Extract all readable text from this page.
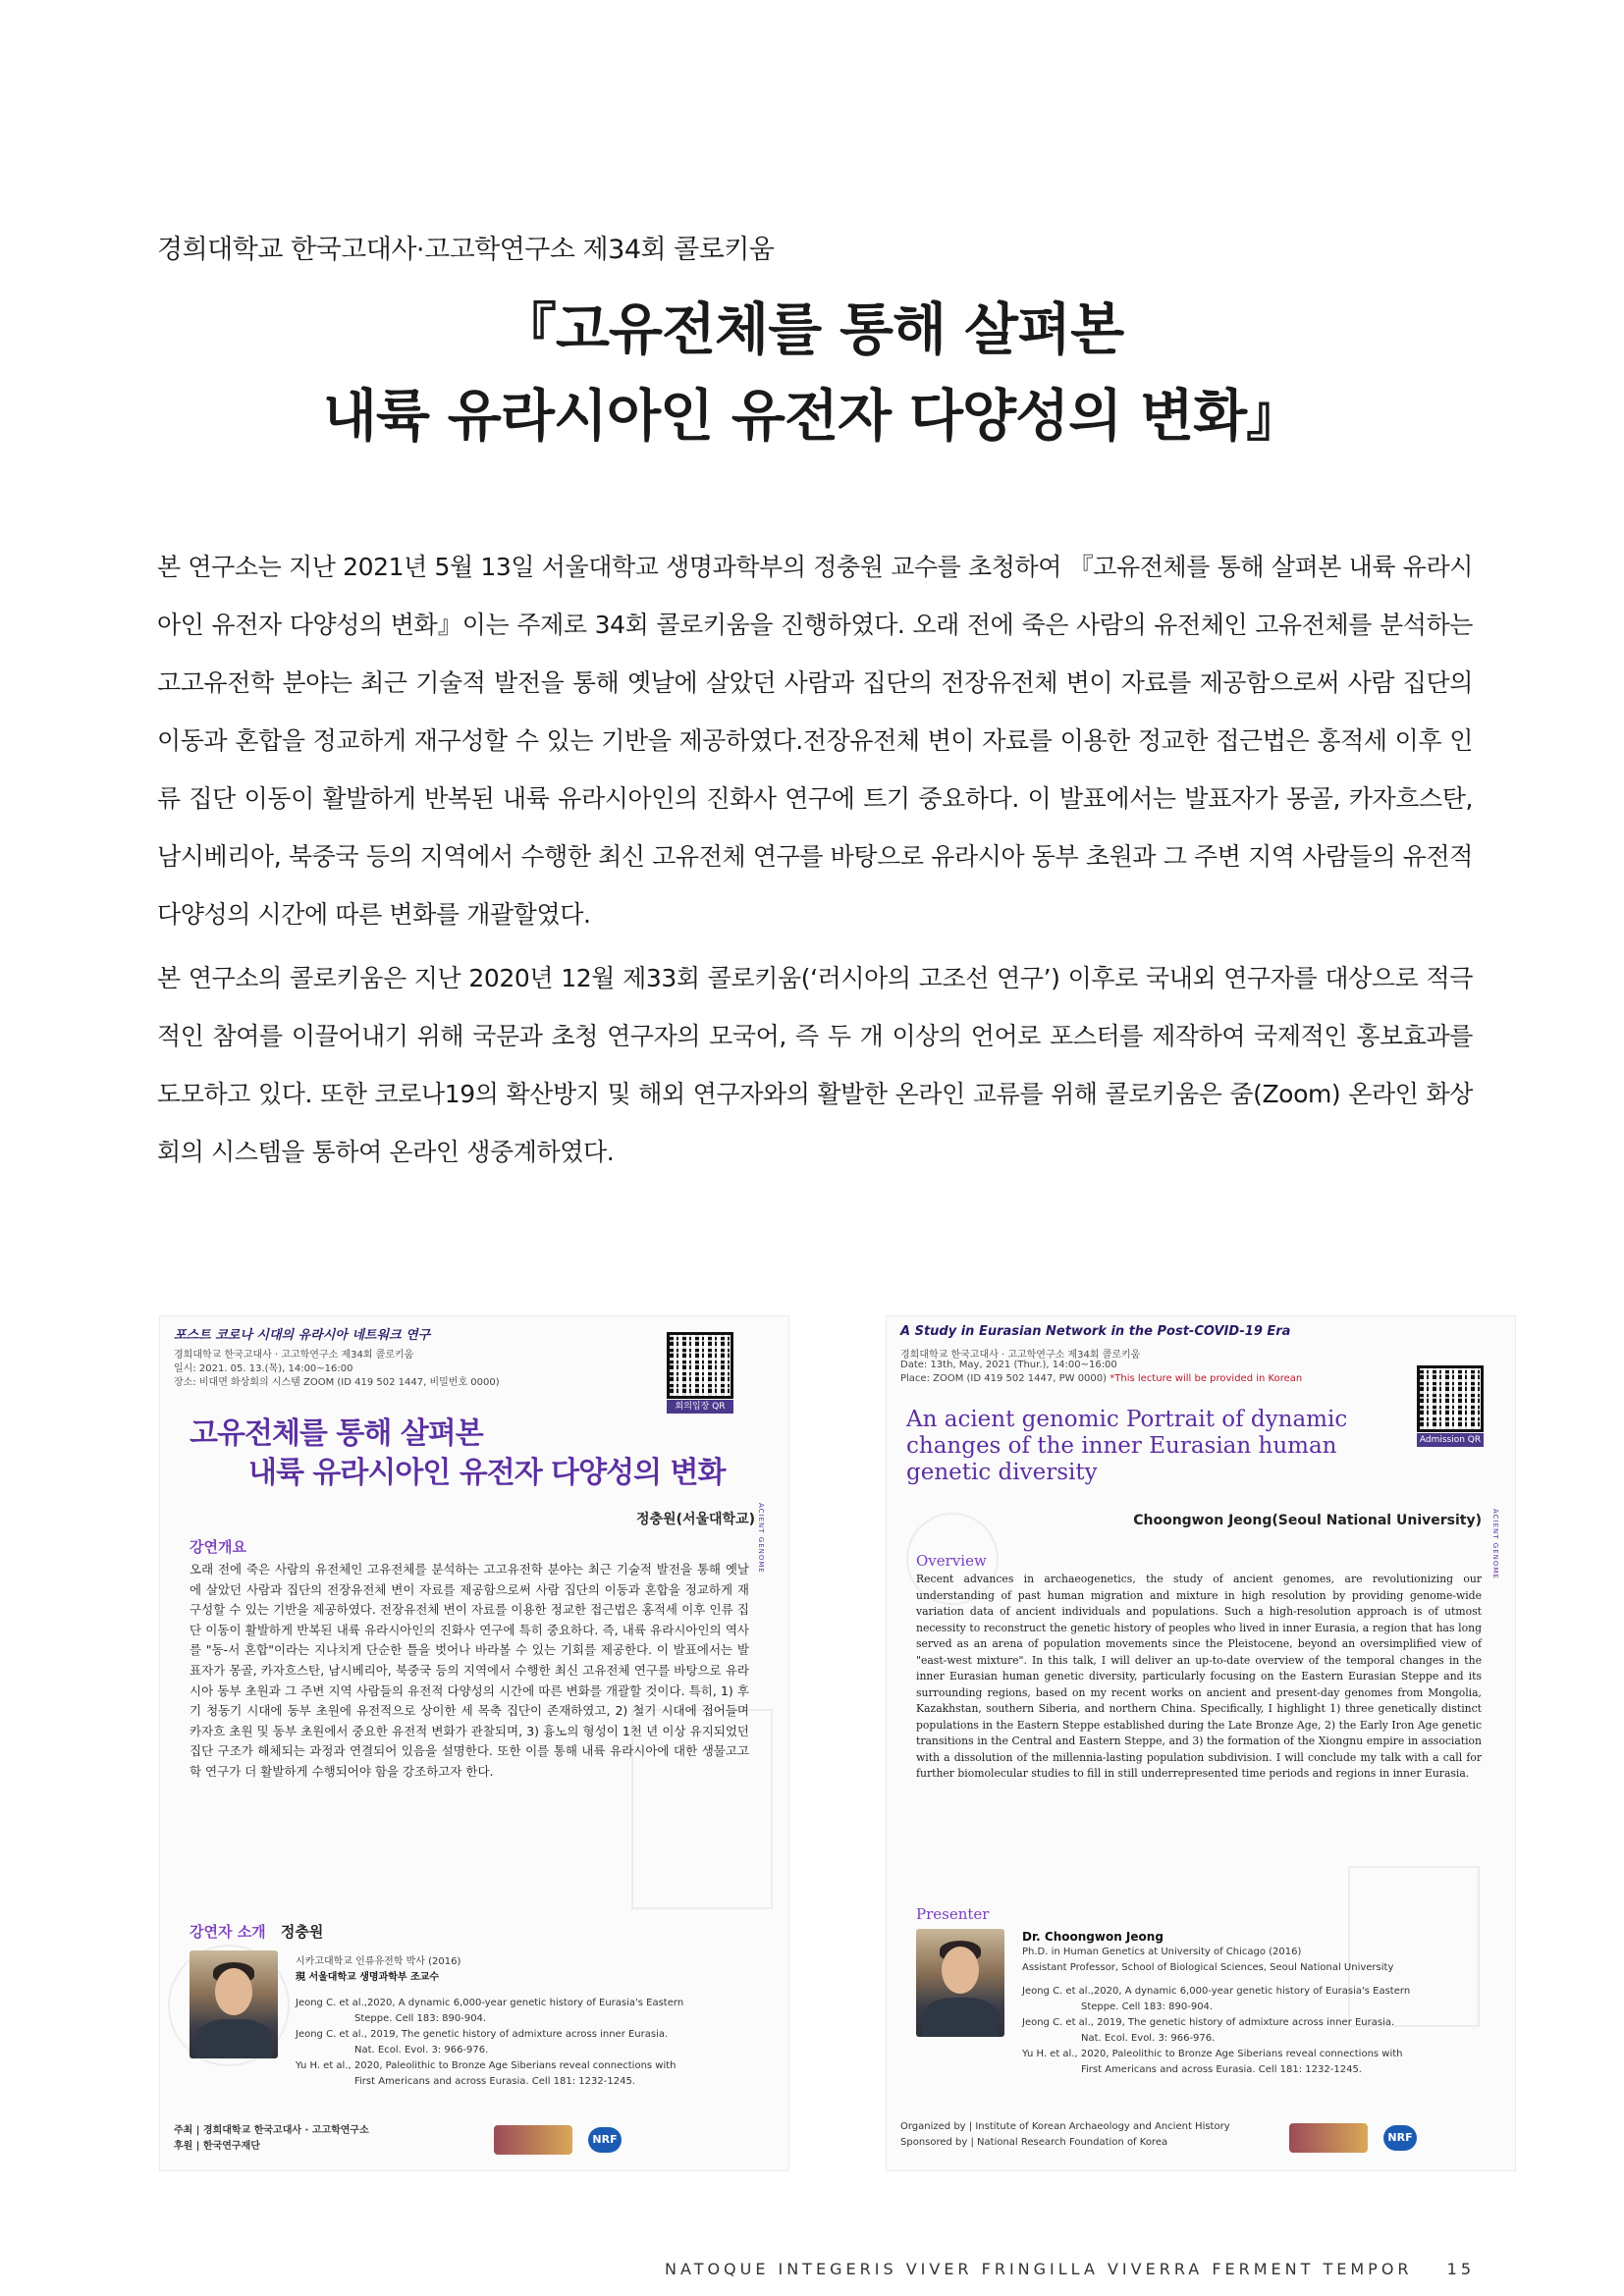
경희대학교 한국고대사·고고학연구소 제34회 콜로키움
『고유전체를 통해 살펴본
내륙 유라시아인 유전자 다양성의 변화』

본 연구소는 지난 2021년 5월 13일 서울대학교 생명과학부의 정충원 교수를 초청하여 『고유전체를 통해 살펴본 내륙 유라시아인 유전자 다양성의 변화』이는 주제로 34회 콜로키움을 진행하였다. 오래 전에 죽은 사람의 유전체인 고유전체를 분석하는 고고유전학 분야는 최근 기술적 발전을 통해 옛날에 살았던 사람과 집단의 전장유전체 변이 자료를 제공함으로써 사람 집단의 이동과 혼합을 정교하게 재구성할 수 있는 기반을 제공하였다.전장유전체 변이 자료를 이용한 정교한 접근법은 홍적세 이후 인류 집단 이동이 활발하게 반복된 내륙 유라시아인의 진화사 연구에 트기 중요하다. 이 발표에서는 발표자가 몽골, 카자흐스탄, 남시베리아, 북중국 등의 지역에서 수행한 최신 고유전체 연구를 바탕으로 유라시아 동부 초원과 그 주변 지역 사람들의 유전적 다양성의 시간에 따른 변화를 개괄할였다.

본 연구소의 콜로키움은 지난 2020년 12월 제33회 콜로키움(‘러시아의 고조선 연구’) 이후로 국내외 연구자를 대상으로 적극적인 참여를 이끌어내기 위해 국문과 초청 연구자의 모국어, 즉 두 개 이상의 언어로 포스터를 제작하여 국제적인 홍보효과를 도모하고 있다. 또한 코로나19의 확산방지 및 해외 연구자와의 활발한 온라인 교류를 위해 콜로키움은 줌(Zoom) 온라인 화상회의 시스템을 통하여 온라인 생중계하였다.

포스트 코로나 시대의 유라시아 네트워크 연구
경희대학교 한국고대사 · 고고학연구소 제34회 콜로키움
일시: 2021. 05. 13.(목), 14:00~16:00
장소: 비대면 화상회의 시스템 ZOOM (ID 419 502 1447, 비밀번호 0000)
회의입장 QR
고유전체를 통해 살펴본
내륙 유라시아인 유전자 다양성의 변화
정충원(서울대학교) ACIENT GENOME
강연개요
오래 전에 죽은 사람의 유전체인 고유전체를 분석하는 고고유전학 분야는 최근 기술적 발전을 통해 옛날에 살았던 사람과 집단의 전장유전체 변이 자료를 제공함으로써 사람 집단의 이동과 혼합을 정교하게 재구성할 수 있는 기반을 제공하였다. 전장유전체 변이 자료를 이용한 정교한 접근법은 홍적세 이후 인류 집단 이동이 활발하게 반복된 내륙 유라시아인의 진화사 연구에 특히 중요하다. 즉, 내륙 유라시아인의 역사를 "동-서 혼합"이라는 지나치게 단순한 틀을 벗어나 바라볼 수 있는 기회를 제공한다. 이 발표에서는 발표자가 몽골, 카자흐스탄, 남시베리아, 북중국 등의 지역에서 수행한 최신 고유전체 연구를 바탕으로 유라시아 동부 초원과 그 주변 지역 사람들의 유전적 다양성의 시간에 따른 변화를 개괄할 것이다. 특히, 1) 후기 청동기 시대에 동부 초원에 유전적으로 상이한 세 목축 집단이 존재하였고, 2) 철기 시대에 접어들며 카자흐 초원 및 동부 초원에서 중요한 유전적 변화가 관찰되며, 3) 흉노의 형성이 1천 년 이상 유지되었던 집단 구조가 해체되는 과정과 연결되어 있음을 설명한다. 또한 이를 통해 내륙 유라시아에 대한 생물고고학 연구가 더 활발하게 수행되어야 함을 강조하고자 한다.
강연자 소개 정충원
시카고대학교 인류유전학 박사 (2016)
現 서울대학교 생명과학부 조교수
Jeong C. et al.,2020, A dynamic 6,000-year genetic history of Eurasia's Eastern
Steppe. Cell 183: 890-904.
Jeong C. et al., 2019, The genetic history of admixture across inner Eurasia.
Nat. Ecol. Evol. 3: 966-976.
Yu H. et al., 2020, Paleolithic to Bronze Age Siberians reveal connections with
First Americans and across Eurasia. Cell 181: 1232-1245.
주최 | 경희대학교 한국고대사 · 고고학연구소
후원 | 한국연구재단
NRF
A Study in Eurasian Network in the Post-COVID-19 Era
경희대학교 한국고대사 · 고고학연구소 제34회 콜로키움
Date: 13th, May, 2021 (Thur.), 14:00~16:00
Place: ZOOM (ID 419 502 1447, PW 0000) *This lecture will be provided in Korean
Admission QR
An acient genomic Portrait of dynamic changes of the inner Eurasian human genetic diversity
Choongwon Jeong(Seoul National University) ACIENT GENOME
Overview
Recent advances in archaeogenetics, the study of ancient genomes, are revolutionizing our understanding of past human migration and mixture in high resolution by providing genome-wide variation data of ancient individuals and populations. Such a high-resolution approach is of utmost necessity to reconstruct the genetic history of peoples who lived in inner Eurasia, a region that has long served as an arena of population movements since the Pleistocene, beyond an oversimplified view of "east-west mixture". In this talk, I will deliver an up-to-date overview of the temporal changes in the inner Eurasian human genetic diversity, particularly focusing on the Eastern Eurasian Steppe and its surrounding regions, based on my recent works on ancient and present-day genomes from Mongolia, Kazakhstan, southern Siberia, and northern China. Specifically, I highlight 1) three genetically distinct populations in the Eastern Steppe established during the Late Bronze Age, 2) the Early Iron Age genetic transitions in the Central and Eastern Steppe, and 3) the formation of the Xiongnu empire in association with a dissolution of the millennia-lasting population subdivision. I will conclude my talk with a call for further biomolecular studies to fill in still underrepresented time periods and regions in inner Eurasia.
Presenter
Dr. Choongwon Jeong
Ph.D. in Human Genetics at University of Chicago (2016)
Assistant Professor, School of Biological Sciences, Seoul National University
Jeong C. et al.,2020, A dynamic 6,000-year genetic history of Eurasia's Eastern
Steppe. Cell 183: 890-904.
Jeong C. et al., 2019, The genetic history of admixture across inner Eurasia.
Nat. Ecol. Evol. 3: 966-976.
Yu H. et al., 2020, Paleolithic to Bronze Age Siberians reveal connections with
First Americans and across Eurasia. Cell 181: 1232-1245.
Organized by | Institute of Korean Archaeology and Ancient History
Sponsored by | National Research Foundation of Korea	NRF
NATOQUE INTEGERIS VIVER FRINGILLA VIVERRA FERMENT TEMPOR 15
